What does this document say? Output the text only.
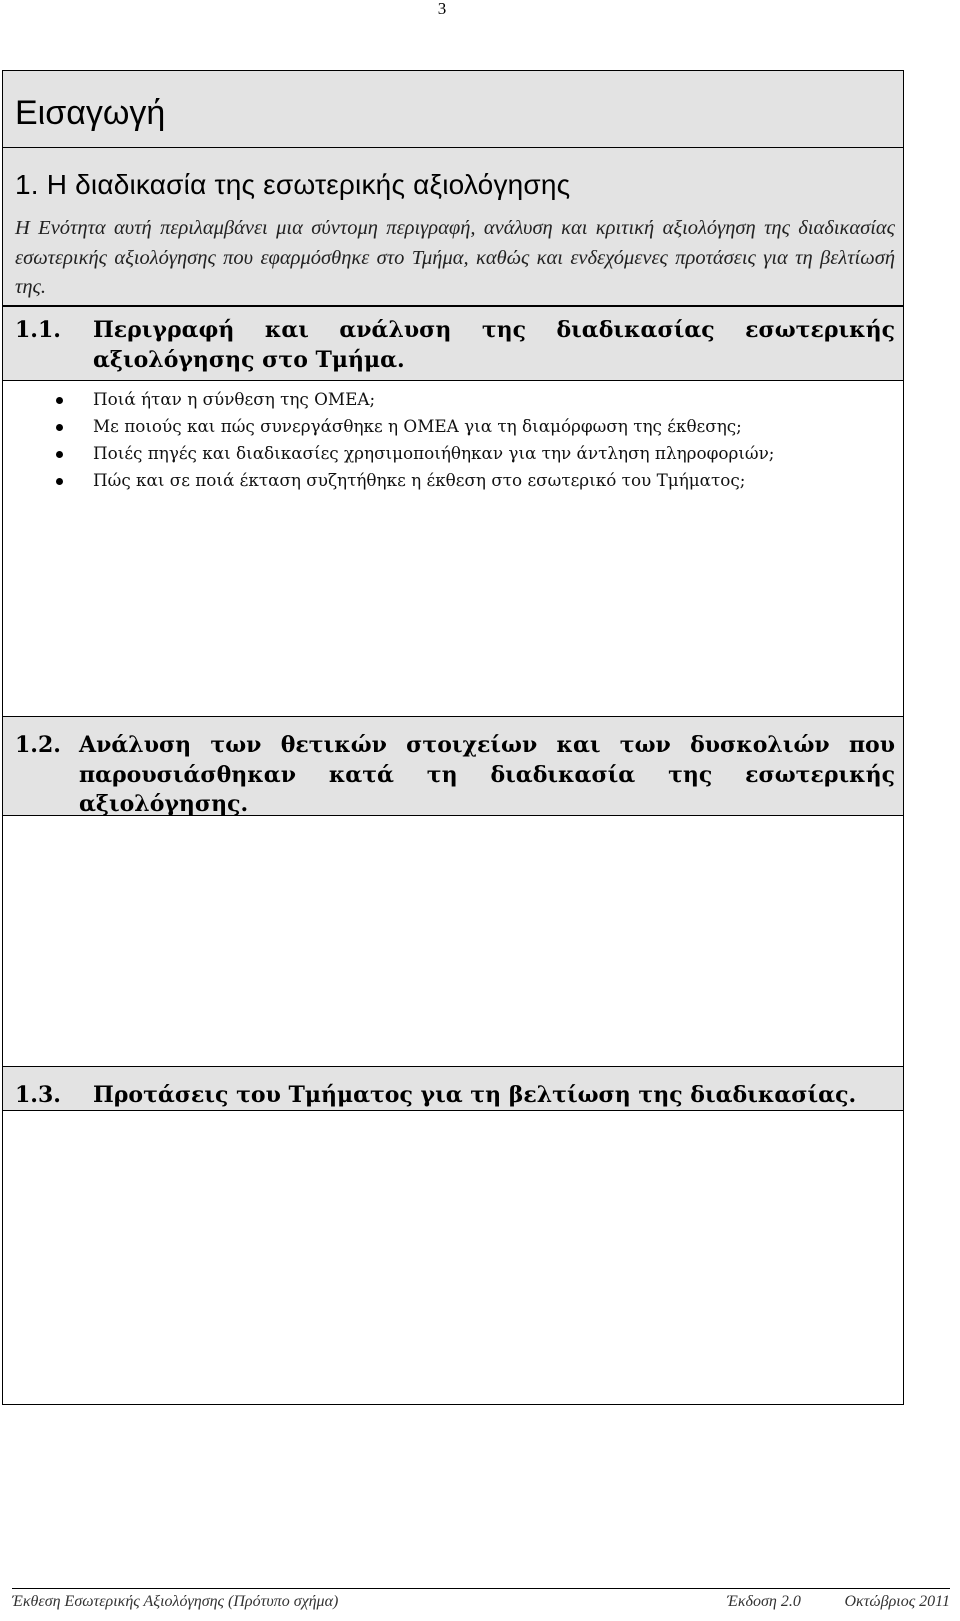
3
Εισαγωγή
1. Η διαδικασία της εσωτερικής αξιολόγησης

Η Ενότητα αυτή περιλαμβάνει μια σύντομη περιγραφή, ανάλυση και κριτική αξιολόγηση της διαδικασίας εσωτερικής αξιολόγησης που εφαρμόσθηκε στο Τμήμα, καθώς και ενδεχόμενες προτάσεις για τη βελτίωσή της.

1.1. Περιγραφή και ανάλυση της διαδικασίας εσωτερικής αξιολόγησης στο Τμήμα.
Ποιά ήταν η σύνθεση της ΟΜΕΑ;
Με ποιούς και πώς συνεργάσθηκε η ΟΜΕΑ για τη διαμόρφωση της έκθεσης;
Ποιές πηγές και διαδικασίες χρησιμοποιήθηκαν για την άντληση πληροφοριών;
Πώς και σε ποιά έκταση συζητήθηκε η έκθεση στο εσωτερικό του Τμήματος;
1.2. Ανάλυση των θετικών στοιχείων και των δυσκολιών που παρουσιάσθηκαν κατά τη διαδικασία της εσωτερικής αξιολόγησης.
1.3. Προτάσεις του Τμήματος για τη βελτίωση της διαδικασίας.
Έκθεση Εσωτερικής Αξιολόγησης (Πρότυπο σχήμα)	Έκδοση 2.0	Οκτώβριος 2011
